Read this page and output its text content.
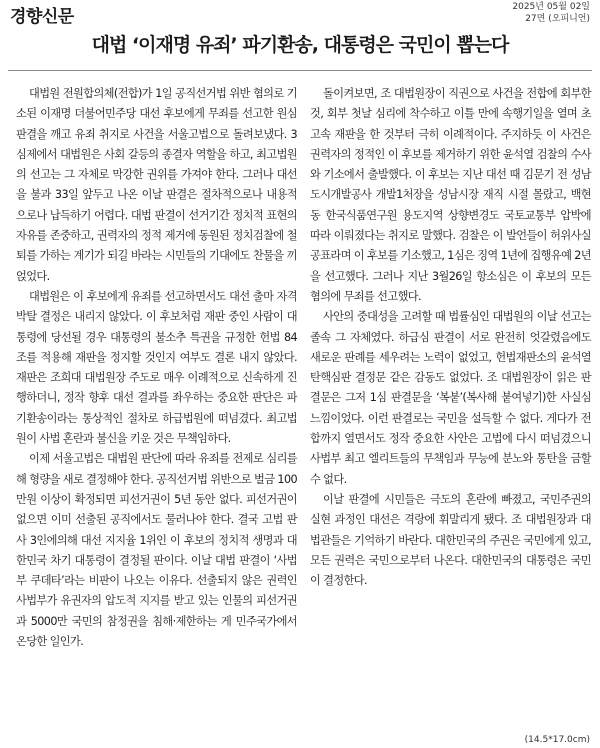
경향신문	2025년 05월 02일
27면 (오피니언)
대법 ‘이재명 유죄’ 파기환송, 대통령은 국민이 뽑는다

대법원 전원합의체(전합)가 1일 공직선거법 위반 혐의로 기소된 이재명 더불어민주당 대선 후보에게 무죄를 선고한 원심 판결을 깨고 유죄 취지로 사건을 서울고법으로 돌려보냈다. 3심제에서 대법원은 사회 갈등의 종결자 역할을 하고, 최고법원의 선고는 그 자체로 막강한 권위를 가져야 한다. 그러나 대선을 불과 33일 앞두고 나온 이날 판결은 절차적으로나 내용적으로나 납득하기 어렵다. 대법 판결이 선거기간 정치적 표현의 자유를 존중하고, 권력자의 정적 제거에 동원된 정치검찰에 철퇴를 가하는 계기가 되길 바라는 시민들의 기대에도 찬물을 끼얹었다.

대법원은 이 후보에게 유죄를 선고하면서도 대선 출마 자격 박탈 결정은 내리지 않았다. 이 후보처럼 재판 중인 사람이 대통령에 당선될 경우 대통령의 불소추 특권을 규정한 헌법 84조를 적용해 재판을 정지할 것인지 여부도 결론 내지 않았다. 재판은 조희대 대법원장 주도로 매우 이례적으로 신속하게 진행하더니, 정작 향후 대선 결과를 좌우하는 중요한 판단은 파기환송이라는 통상적인 절차로 하급법원에 떠넘겼다. 최고법원이 사법 혼란과 불신을 키운 것은 무책임하다.

이제 서울고법은 대법원 판단에 따라 유죄를 전제로 심리를 해 형량을 새로 결정해야 한다. 공직선거법 위반으로 벌금 100만원 이상이 확정되면 피선거권이 5년 동안 없다. 피선거권이 없으면 이미 선출된 공직에서도 물러나야 한다. 결국 고법 판사 3인에의해 대선 지지율 1위인 이 후보의 정치적 생명과 대한민국 차기 대통령이 결정될 판이다. 이날 대법 판결이 ‘사법부 쿠데타’라는 비판이 나오는 이유다. 선출되지 않은 권력인 사법부가 유권자의 압도적 지지를 받고 있는 인물의 피선거권과 5000만 국민의 참정권을 침해·제한하는 게 민주국가에서 온당한 일인가.

돌이켜보면, 조 대법원장이 직권으로 사건을 전합에 회부한 것, 회부 첫날 심리에 착수하고 이틀 만에 속행기일을 열며 초고속 재판을 한 것부터 극히 이례적이다. 주지하듯 이 사건은 권력자의 정적인 이 후보를 제거하기 위한 윤석열 검찰의 수사와 기소에서 출발했다. 이 후보는 지난 대선 때 김문기 전 성남도시개발공사 개발1처장을 성남시장 재직 시절 몰랐고, 백현동 한국식품연구원 용도지역 상향변경도 국토교통부 압박에 따라 이뤄졌다는 취지로 말했다. 검찰은 이 발언들이 허위사실 공표라며 이 후보를 기소했고, 1심은 징역 1년에 집행유예 2년을 선고했다. 그러나 지난 3월26일 항소심은 이 후보의 모든 혐의에 무죄를 선고했다.

사안의 중대성을 고려할 때 법률심인 대법원의 이날 선고는 졸속 그 자체였다. 하급심 판결이 서로 완전히 엇갈렸음에도 새로운 판례를 세우려는 노력이 없었고, 헌법재판소의 윤석열 탄핵심판 결정문 같은 감동도 없었다. 조 대법원장이 읽은 판결문은 그저 1심 판결문을 ‘복붙’(복사해 붙여넣기)한 사실심 느낌이었다. 이런 판결로는 국민을 설득할 수 없다. 게다가 전합까지 열면서도 정작 중요한 사안은 고법에 다시 떠넘겼으니 사법부 최고 엘리트들의 무책임과 무능에 분노와 통탄을 금할 수 없다.

이날 판결에 시민들은 극도의 혼란에 빠졌고, 국민주권의 실현 과정인 대선은 격랑에 휘말리게 됐다. 조 대법원장과 대법관들은 기억하기 바란다. 대한민국의 주권은 국민에게 있고, 모든 권력은 국민으로부터 나온다. 대한민국의 대통령은 국민이 결정한다.

(14.5*17.0cm)
